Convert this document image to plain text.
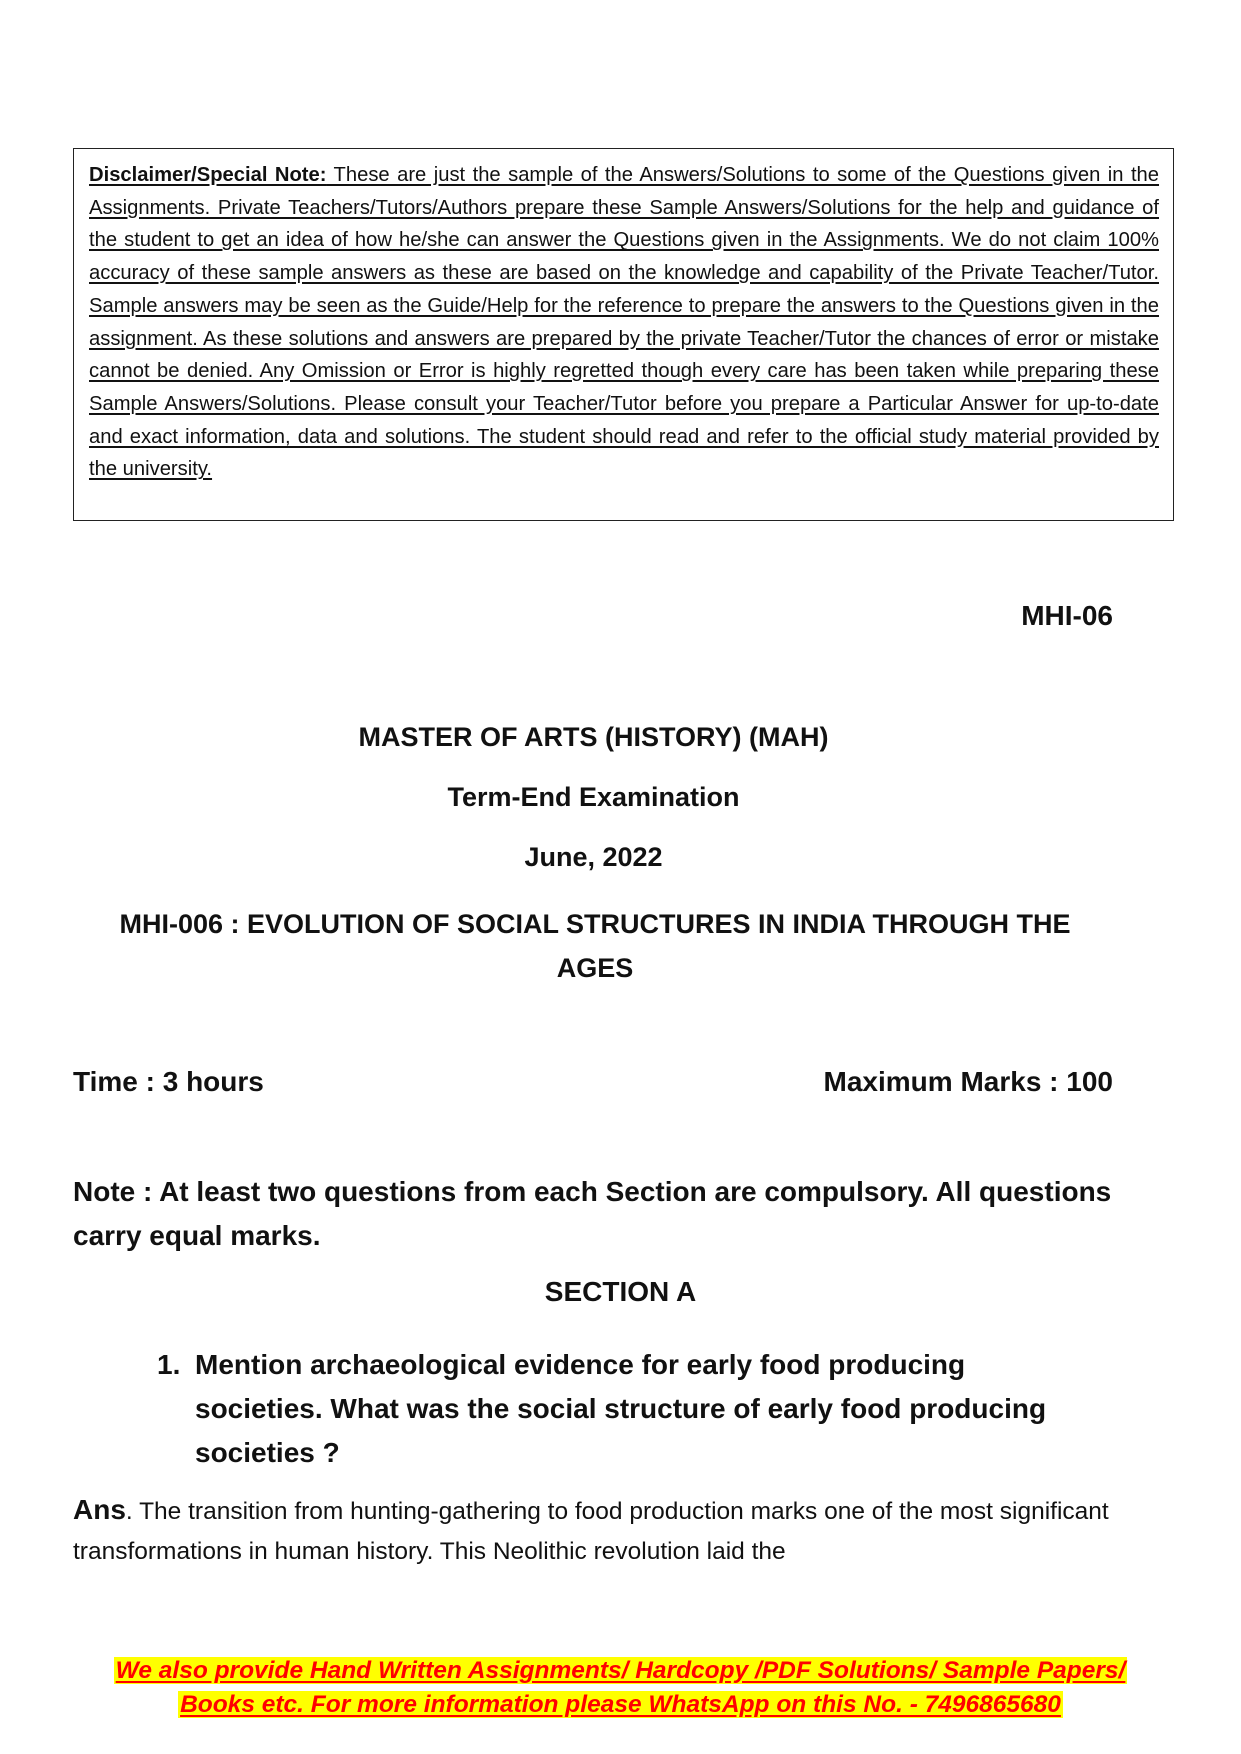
Disclaimer/Special Note: These are just the sample of the Answers/Solutions to some of the Questions given in the Assignments. Private Teachers/Tutors/Authors prepare these Sample Answers/Solutions for the help and guidance of the student to get an idea of how he/she can answer the Questions given in the Assignments. We do not claim 100% accuracy of these sample answers as these are based on the knowledge and capability of the Private Teacher/Tutor. Sample answers may be seen as the Guide/Help for the reference to prepare the answers to the Questions given in the assignment. As these solutions and answers are prepared by the private Teacher/Tutor the chances of error or mistake cannot be denied. Any Omission or Error is highly regretted though every care has been taken while preparing these Sample Answers/Solutions. Please consult your Teacher/Tutor before you prepare a Particular Answer for up-to-date and exact information, data and solutions. The student should read and refer to the official study material provided by the university.

MHI-06

MASTER OF ARTS (HISTORY) (MAH)

Term-End Examination

June, 2022

MHI-006 : EVOLUTION OF SOCIAL STRUCTURES IN INDIA THROUGH THE AGES

Time : 3 hours	Maximum Marks : 100

Note : At least two questions from each Section are compulsory. All questions carry equal marks.

SECTION A

1. Mention archaeological evidence for early food producing societies. What was the social structure of early food producing societies ?

Ans. The transition from hunting-gathering to food production marks one of the most significant transformations in human history. This Neolithic revolution laid the

We also provide Hand Written Assignments/ Hardcopy /PDF Solutions/ Sample Papers/
Books etc. For more information please WhatsApp on this No. - 7496865680
